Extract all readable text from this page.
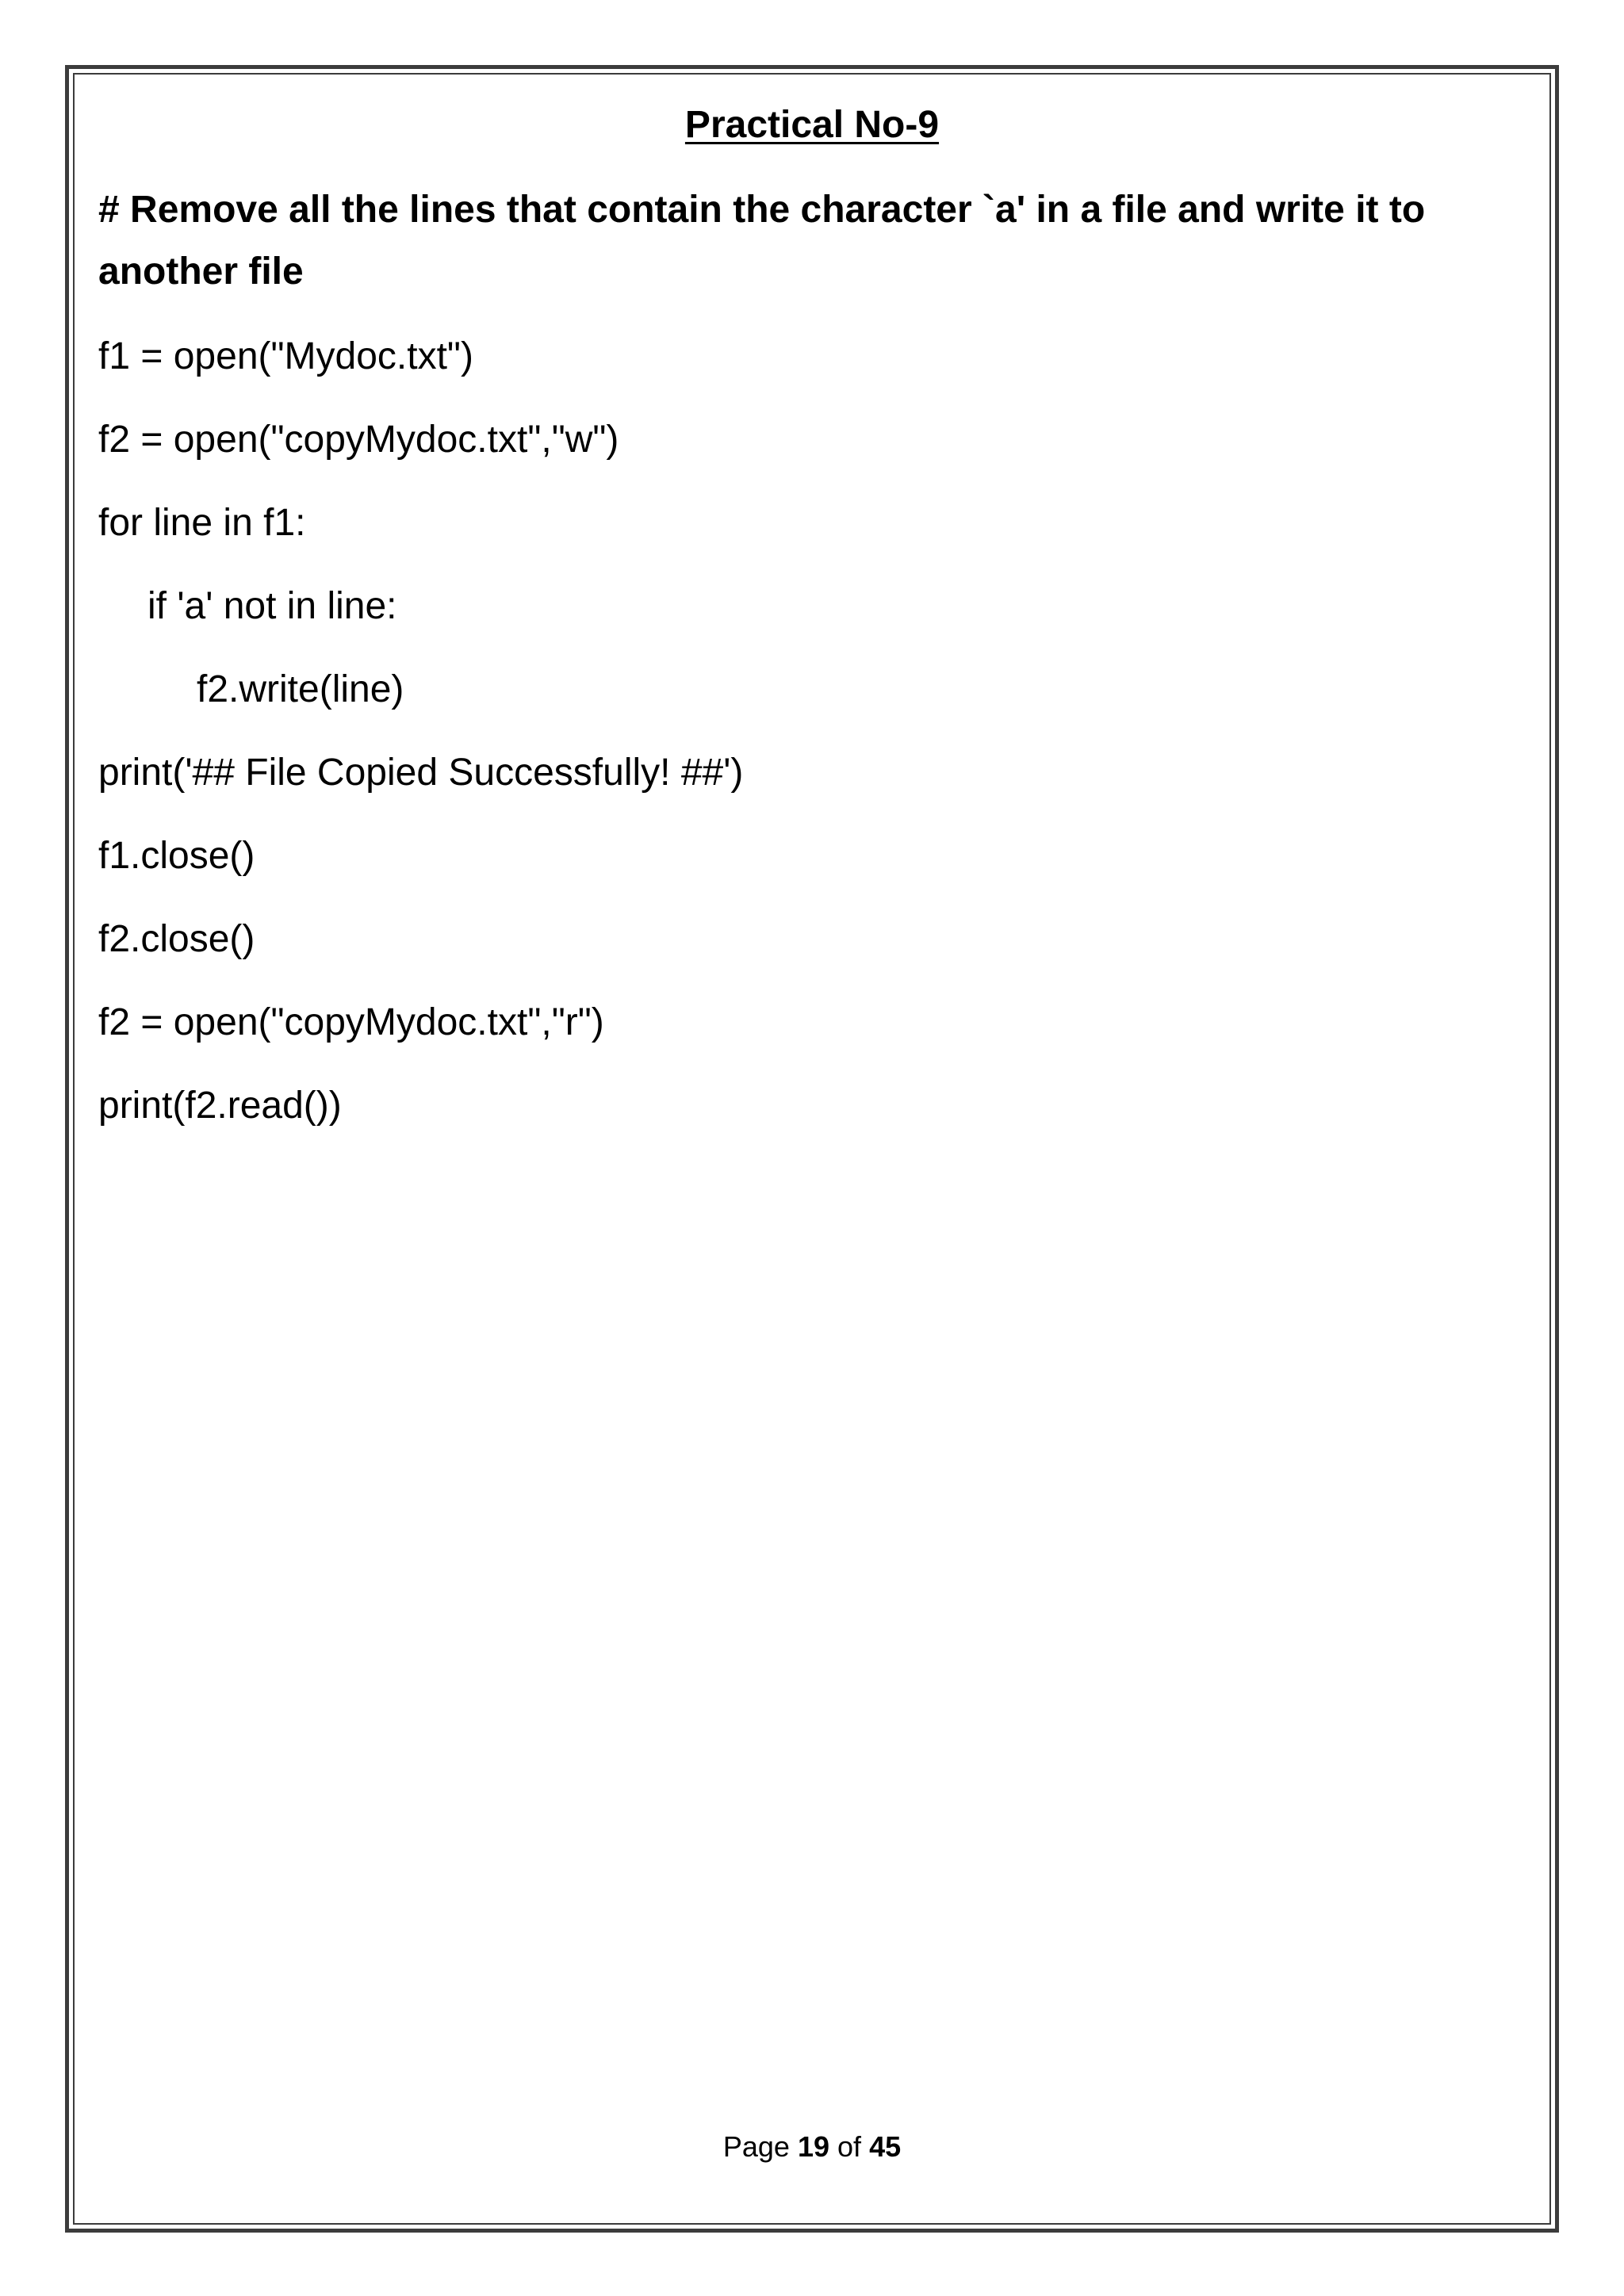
Practical No-9
# Remove all the lines that contain the character `a' in a file and write it to another file
f1 = open("Mydoc.txt")
f2 = open("copyMydoc.txt","w")
for line in f1:
if 'a' not in line:
f2.write(line)
print('## File Copied Successfully! ##')
f1.close()
f2.close()
f2 = open("copyMydoc.txt","r")
print(f2.read())
Page 19 of 45
